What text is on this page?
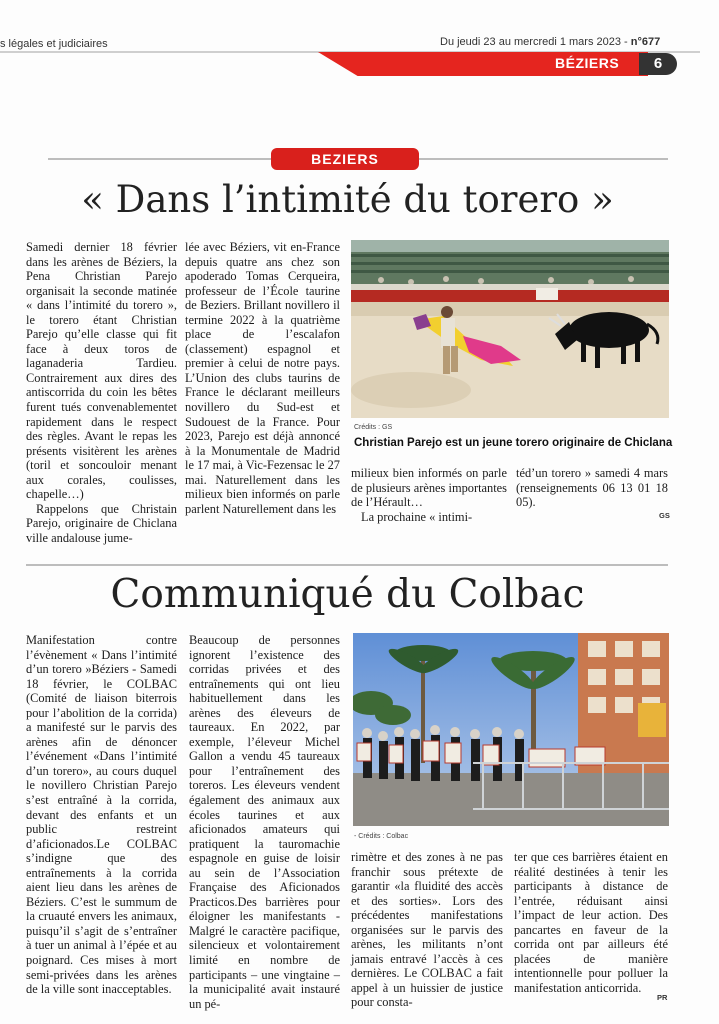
s légales et judiciaires	Du jeudi 23 au mercredi 1 mars 2023 - n°677
BÉZIERS	6
BEZIERS
« Dans l’intimité du torero »

Samedi dernier 18 février dans les arènes de Béziers, la Pena Christian Parejo organisait la seconde matinée « dans l’intimité du torero », le torero étant Christian Parejo qu’elle classe qui fit face à deux toros de laganaderia Tardieu. Contrairement aux dires des antiscorrida du coin les bêtes furent tués convenablementet rapidement dans le respect des règles. Avant le repas les présents visitèrent les arènes (toril et soncouloir menant aux corales, coulisses, chapelle…)

Rappelons que Christain Parejo, originaire de Chiclana ville andalouse jume-

lée avec Béziers, vit en-France depuis quatre ans chez son apoderado Tomas Cerqueira, professeur de l’École taurine de Beziers. Brillant novillero il termine 2022 à la quatrième place de l’escalafon (classement) espagnol et premier à celui de notre pays. L’Union des clubs taurins de France le déclarant meilleurs novillero du Sud-est et Sudouest de la France. Pour 2023, Parejo est déjà annoncé à la Monumentale de Madrid le 17 mai, à Vic-Fezensac le 27 mai. Naturellement dans les milieux bien informés on parle parlent Naturellement dans les

Crédits : GS
Christian Parejo est un jeune torero originaire de Chiclana

milieux bien informés on parle de plusieurs arènes importantes de l’Hérault…

La prochaine « intimi-

téd’un torero » samedi 4 mars (renseignements 06 13 01 18 05).

GS
Communiqué du Colbac

Manifestation contre l’évènement « Dans l’intimité d’un torero »Béziers - Samedi 18 février, le COLBAC (Comité de liaison biterrois pour l’abolition de la corrida) a manifesté sur le parvis des arènes afin de dénoncer l’événement «Dans l’intimité d’un torero», au cours duquel le novillero Christian Parejo s’est entraîné à la corrida, devant des enfants et un public restreint d’aficionados.Le COLBAC s’indigne que des entraînements à la corrida aient lieu dans les arènes de Béziers. C’est le summum de la cruauté envers les animaux, puisqu’il s’agit de s’entraîner à tuer un animal à l’épée et au poignard. Ces mises à mort semi-privées dans les arènes de la ville sont inacceptables.

Beaucoup de personnes ignorent l’existence des corridas privées et des entraînements qui ont lieu habituellement dans les arènes des éleveurs de taureaux. En 2022, par exemple, l’éleveur Michel Gallon a vendu 45 taureaux pour l’entraînement des toreros. Les éleveurs vendent également des animaux aux écoles taurines et aux aficionados amateurs qui pratiquent la tauromachie espagnole en guise de loisir au sein de l’Association Française des Aficionados Practicos.Des barrières pour éloigner les manifestants -Malgré le caractère pacifique, silencieux et volontairement limité en nombre de participants – une vingtaine – la municipalité avait instauré un pé-

- Crédits : Colbac

rimètre et des zones à ne pas franchir sous prétexte de garantir «la fluidité des accès et des sorties». Lors des précédentes manifestations organisées sur le parvis des arènes, les militants n’ont jamais entravé l’accès à ces dernières. Le COLBAC a fait appel à un huissier de justice pour consta-

ter que ces barrières étaient en réalité destinées à tenir les participants à distance de l’entrée, réduisant ainsi l’impact de leur action. Des pancartes en faveur de la corrida ont par ailleurs été placées de manière intentionnelle pour polluer la manifestation anticorrida.

PR
